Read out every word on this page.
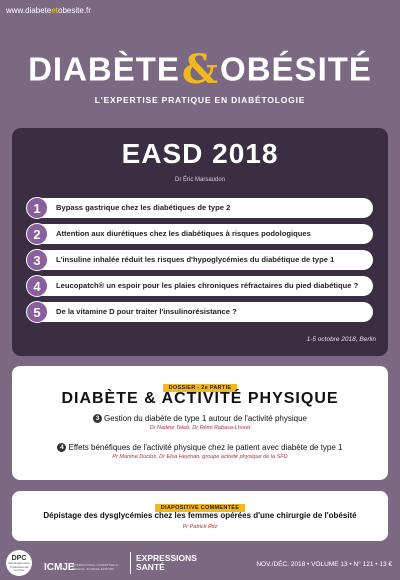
www.diabeteetobesite.fr
DIABÈTE&OBÉSITÉ
L'EXPERTISE PRATIQUE EN DIABÉTOLOGIE
EASD 2018
Dr Éric Marsaudon
1	Bypass gastrique chez les diabétiques de type 2
2	Attention aux diurétiques chez les diabétiques à risques podologiques
3	L'insuline inhalée réduit les risques d'hypoglycémies du diabétique de type 1
4	Leucopatch® un espoir pour les plaies chroniques réfractaires du pied diabétique ?
5	De la vitamine D pour traiter l'insulinorésistance ?
1-5 octobre 2018, Berlin
DOSSIER - 2e PARTIE
DIABÈTE & ACTIVITÉ PHYSIQUE
3 Gestion du diabète de type 1 autour de l'activité physique
Dr Nadine Taleb, Dr Rémi Rabasa-Lhoret
4 Effets bénéfiques de l'activité physique chez le patient avec diabète de type 1
Pr Martine Duclos, Dr Elsa Heyman, groupe activité physique de la SFD
DIAPOSITIVE COMMENTÉE
Dépistage des dysglycémies chez les femmes opérées d'une chirurgie de l'obésité
Pr Patrick Ritz
DPC
Développement Professionnel Continu	ICMJE
INTERNATIONAL COMMITTEE of MEDICAL JOURNAL EDITORS
EXPRESSIONS
SANTÉ	NOV./DÉC. 2018 • VOLUME 13 • N° 121 • 13 €
